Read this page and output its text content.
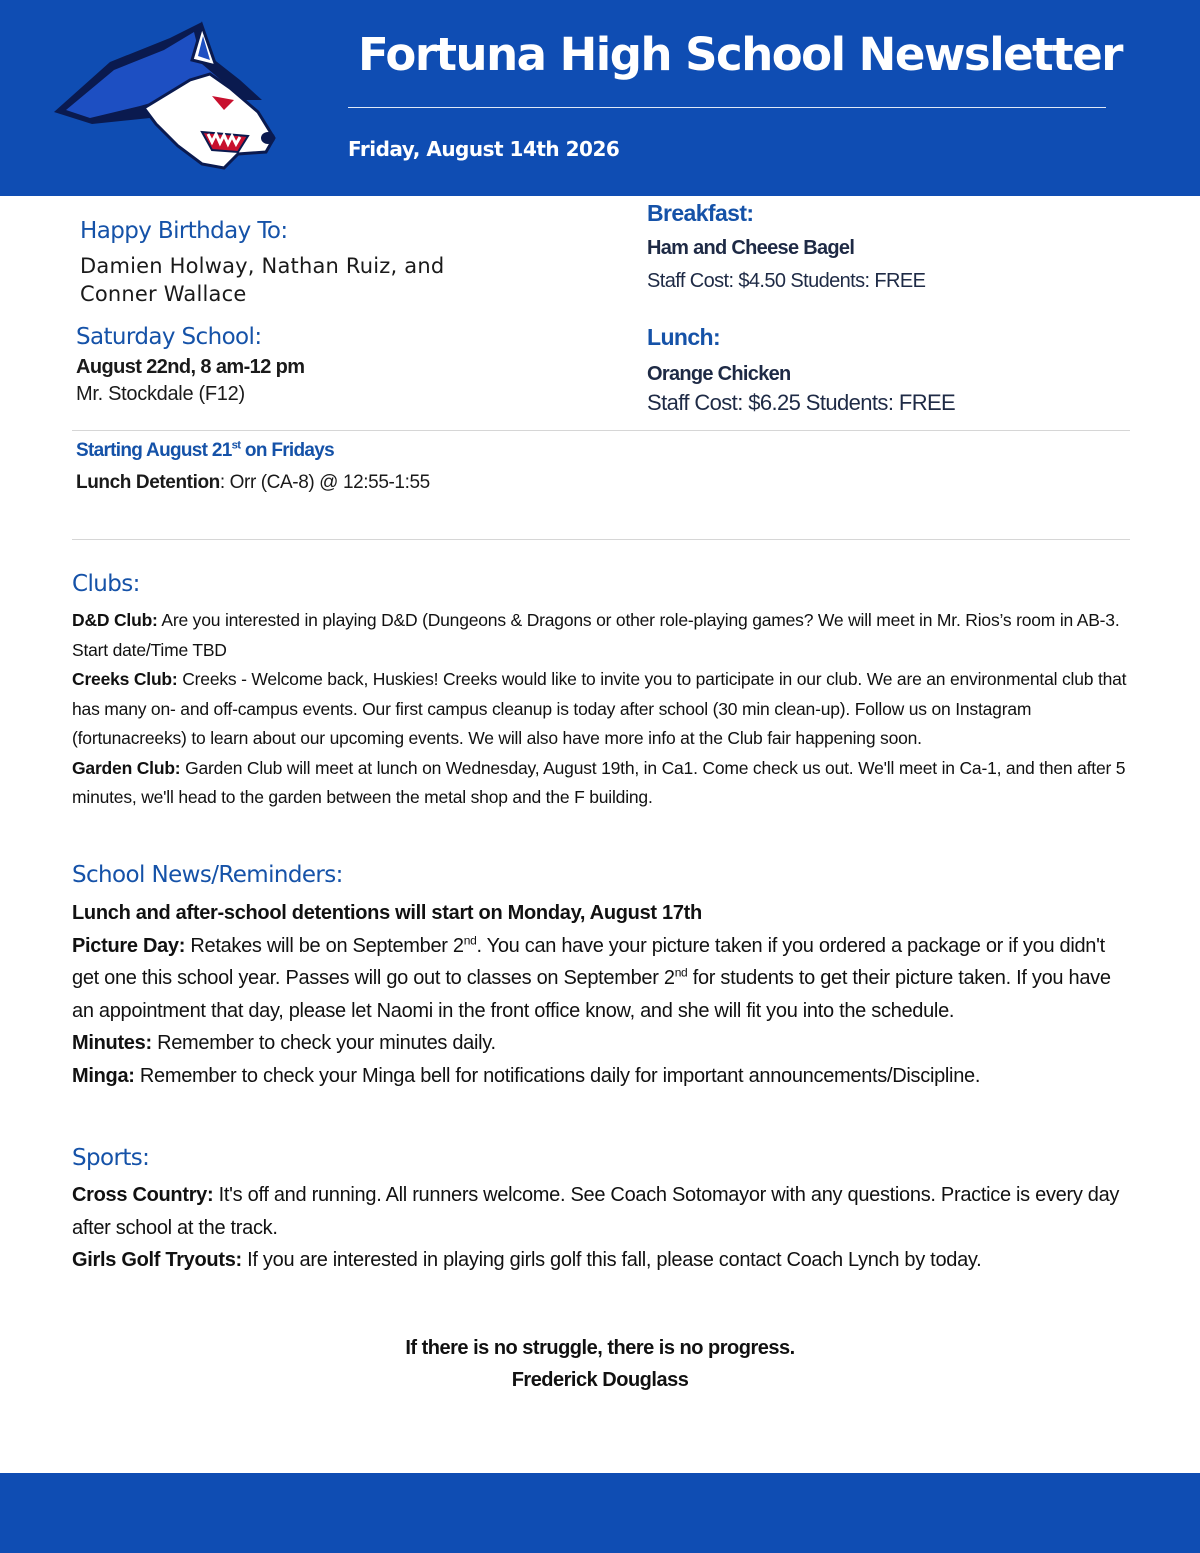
Fortuna High School Newsletter
Friday, August 14th 2026
Happy Birthday To:
Damien Holway, Nathan Ruiz, and
Conner Wallace
Saturday School:
August 22nd, 8 am-12 pm
Mr. Stockdale (F12)
Starting August 21st on Fridays
Lunch Detention: Orr (CA-8) @ 12:55-1:55
Breakfast:
Ham and Cheese Bagel
Staff Cost: $4.50 Students: FREE
Lunch:
Orange Chicken
Staff Cost: $6.25 Students: FREE
Clubs:

D&D Club: Are you interested in playing D&D (Dungeons & Dragons or other role-playing games? We will meet in Mr. Rios’s room in AB-3. Start date/Time TBD

Creeks Club: Creeks - Welcome back, Huskies! Creeks would like to invite you to participate in our club. We are an environmental club that has many on- and off-campus events. Our first campus cleanup is today after school (30 min clean-up). Follow us on Instagram (fortunacreeks) to learn about our upcoming events. We will also have more info at the Club fair happening soon.

Garden Club: Garden Club will meet at lunch on Wednesday, August 19th, in Ca1. Come check us out. We'll meet in Ca-1, and then after 5 minutes, we'll head to the garden between the metal shop and the F building.

School News/Reminders:

Lunch and after-school detentions will start on Monday, August 17th

Picture Day: Retakes will be on September 2nd. You can have your picture taken if you ordered a package or if you didn't get one this school year. Passes will go out to classes on September 2nd for students to get their picture taken. If you have an appointment that day, please let Naomi in the front office know, and she will fit you into the schedule.

Minutes: Remember to check your minutes daily.

Minga: Remember to check your Minga bell for notifications daily for important announcements/Discipline.

Sports:

Cross Country: It's off and running. All runners welcome. See Coach Sotomayor with any questions. Practice is every day after school at the track.

Girls Golf Tryouts: If you are interested in playing girls golf this fall, please contact Coach Lynch by today.

If there is no struggle, there is no progress.
Frederick Douglass
